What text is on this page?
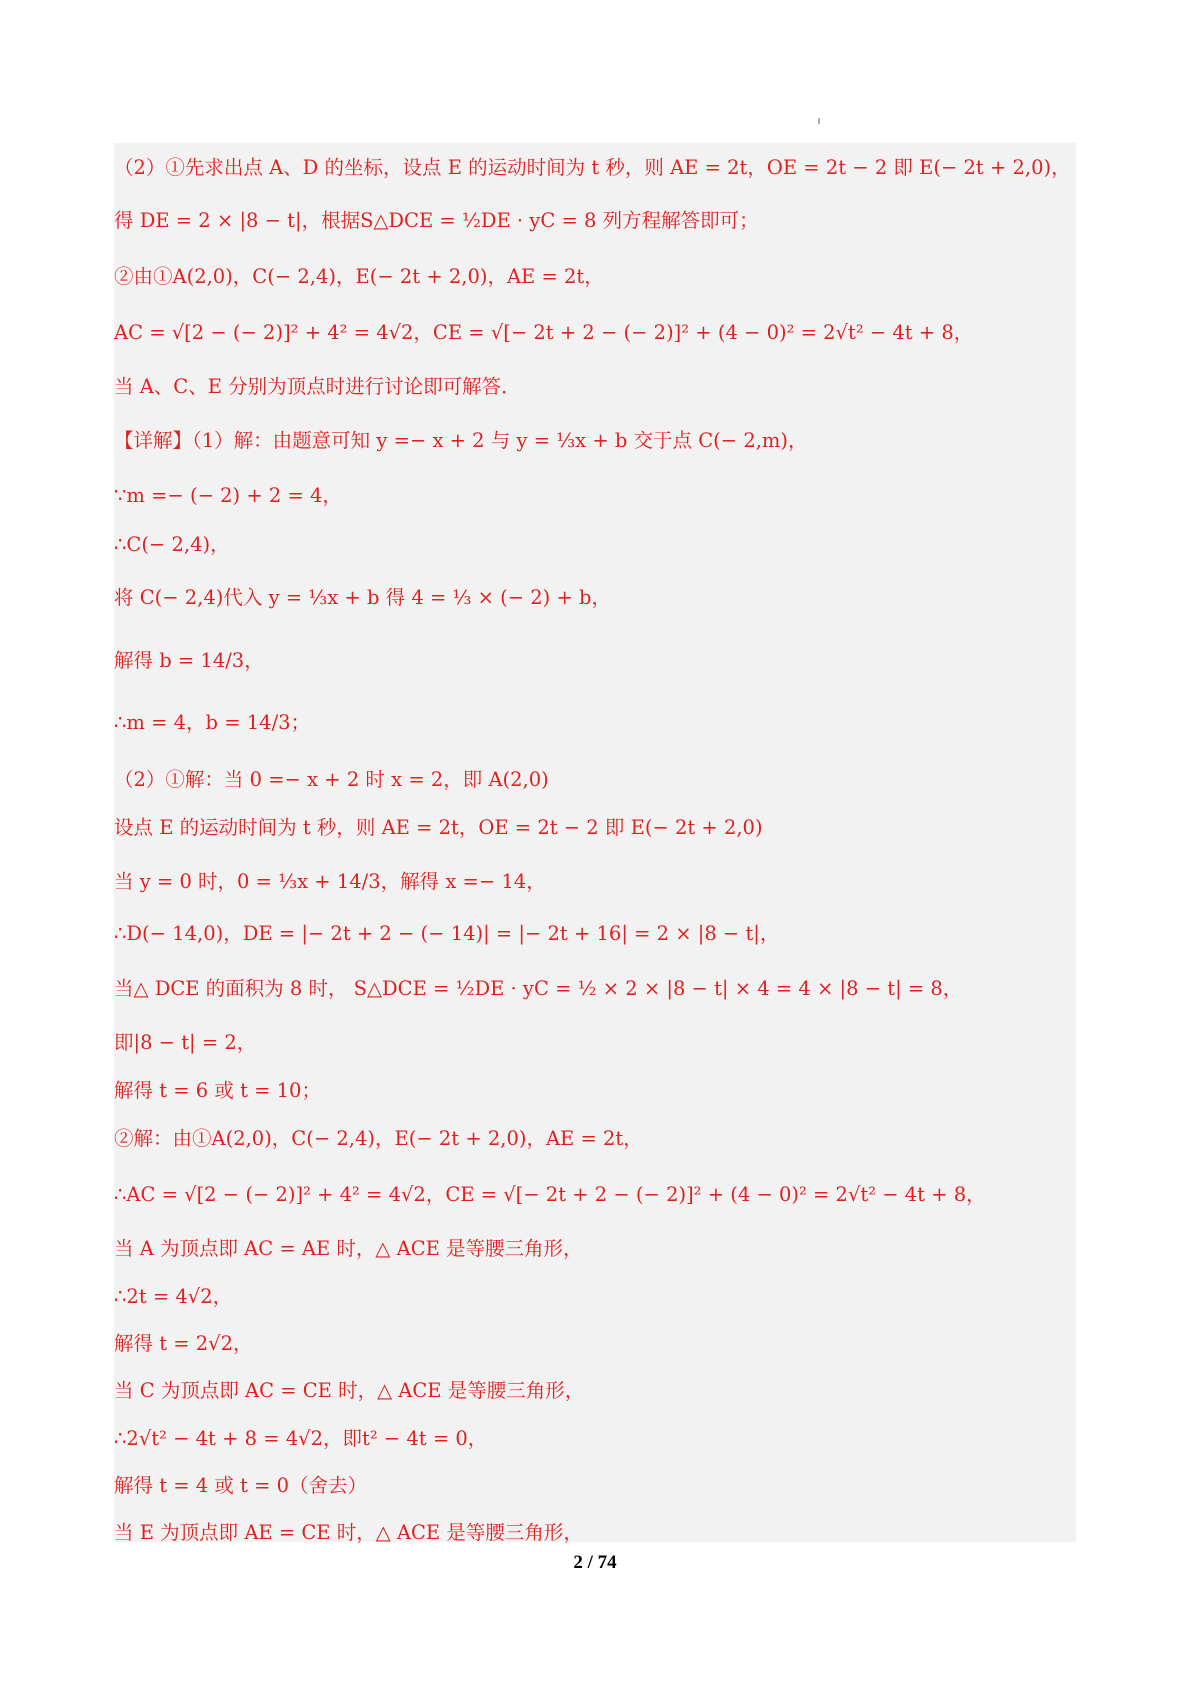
（2）①先求出点 A、D 的坐标，设点 E 的运动时间为 t 秒，则 AE = 2t，OE = 2t − 2 即 E(− 2t + 2,0)，
得 DE = 2 × |8 − t|，根据S△DCE = ½DE · yC = 8 列方程解答即可；
②由①A(2,0)，C(− 2,4)，E(− 2t + 2,0)，AE = 2t，
AC = √[2 − (− 2)]² + 4² = 4√2，CE = √[− 2t + 2 − (− 2)]² + (4 − 0)² = 2√t² − 4t + 8，
当 A、C、E 分别为顶点时进行讨论即可解答．
【详解】（1）解：由题意可知 y =− x + 2 与 y = ⅓x + b 交于点 C(− 2,m)，
∵m =− (− 2) + 2 = 4，
∴C(− 2,4)，
将 C(− 2,4)代入 y = ⅓x + b 得 4 = ⅓ × (− 2) + b，
解得 b = 14/3，
∴m = 4，b = 14/3；
（2）①解：当 0 =− x + 2 时 x = 2，即 A(2,0)
设点 E 的运动时间为 t 秒，则 AE = 2t，OE = 2t − 2 即 E(− 2t + 2,0)
当 y = 0 时，0 = ⅓x + 14/3，解得 x =− 14，
∴D(− 14,0)，DE = |− 2t + 2 − (− 14)| = |− 2t + 16| = 2 × |8 − t|，
当△ DCE 的面积为 8 时， S△DCE = ½DE · yC = ½ × 2 × |8 − t| × 4 = 4 × |8 − t| = 8，
即|8 − t| = 2，
解得 t = 6 或 t = 10；
②解：由①A(2,0)，C(− 2,4)，E(− 2t + 2,0)，AE = 2t，
∴AC = √[2 − (− 2)]² + 4² = 4√2，CE = √[− 2t + 2 − (− 2)]² + (4 − 0)² = 2√t² − 4t + 8，
当 A 为顶点即 AC = AE 时，△ ACE 是等腰三角形，
∴2t = 4√2，
解得 t = 2√2，
当 C 为顶点即 AC = CE 时，△ ACE 是等腰三角形，
∴2√t² − 4t + 8 = 4√2，即t² − 4t = 0，
解得 t = 4 或 t = 0（舍去）
当 E 为顶点即 AE = CE 时，△ ACE 是等腰三角形，
2 / 74
